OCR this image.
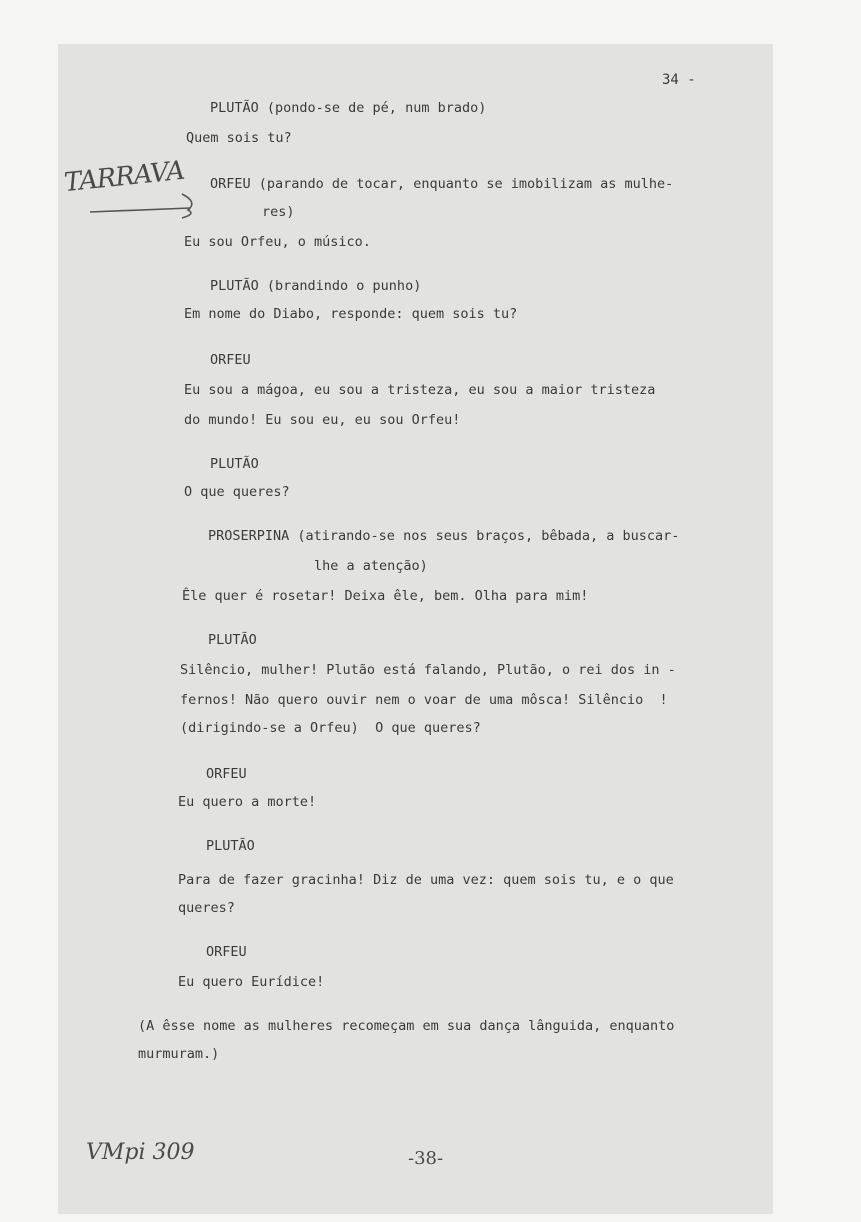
34 -
TARRAVA
PLUTÃO (pondo-se de pé, num brado)
Quem sois tu?
ORFEU (parando de tocar, enquanto se imobilizam as mulhe-
res)
Eu sou Orfeu, o músico.
PLUTÃO (brandindo o punho)
Em nome do Diabo, responde: quem sois tu?
ORFEU
Eu sou a mágoa, eu sou a tristeza, eu sou a maior tristeza
do mundo! Eu sou eu, eu sou Orfeu!
PLUTÃO
O que queres?
PROSERPINA (atirando-se nos seus braços, bêbada, a buscar-
lhe a atenção)
Êle quer é rosetar! Deixa êle, bem. Olha para mim!
PLUTÃO
Silêncio, mulher! Plutão está falando, Plutão, o rei dos in -
fernos! Não quero ouvir nem o voar de uma môsca! Silêncio  !
(dirigindo-se a Orfeu)  O que queres?
ORFEU
Eu quero a morte!
PLUTÃO
Para de fazer gracinha! Diz de uma vez: quem sois tu, e o que
queres?
ORFEU
Eu quero Eurídice!
(A êsse nome as mulheres recomeçam em sua dança lânguida, enquanto
murmuram.)
-38-
VMpi 309
